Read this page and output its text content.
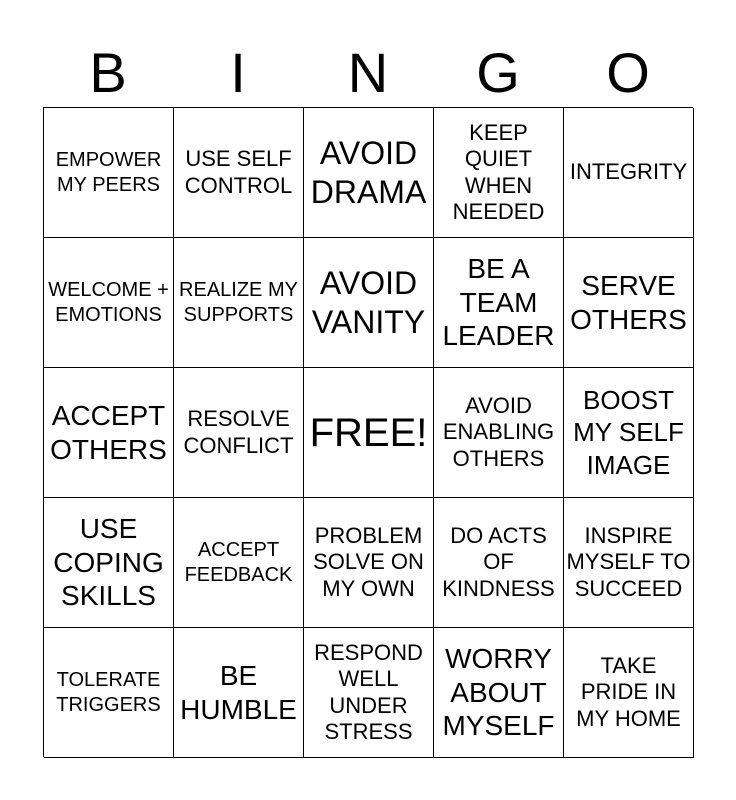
B	I	N	G	O
EMPOWER MY PEERS
USE SELF CONTROL
AVOID DRAMA
KEEP QUIET WHEN NEEDED
INTEGRITY
WELCOME + EMOTIONS
REALIZE MY SUPPORTS
AVOID VANITY
BE A TEAM LEADER
SERVE OTHERS
ACCEPT OTHERS
RESOLVE CONFLICT FREE!
AVOID ENABLING OTHERS
BOOST MY SELF IMAGE
USE COPING SKILLS
ACCEPT FEEDBACK
PROBLEM SOLVE ON MY OWN
DO ACTS OF KINDNESS
INSPIRE MYSELF TO SUCCEED
TOLERATE TRIGGERS
BE HUMBLE
RESPOND WELL UNDER STRESS
WORRY ABOUT MYSELF
TAKE PRIDE IN MY HOME
